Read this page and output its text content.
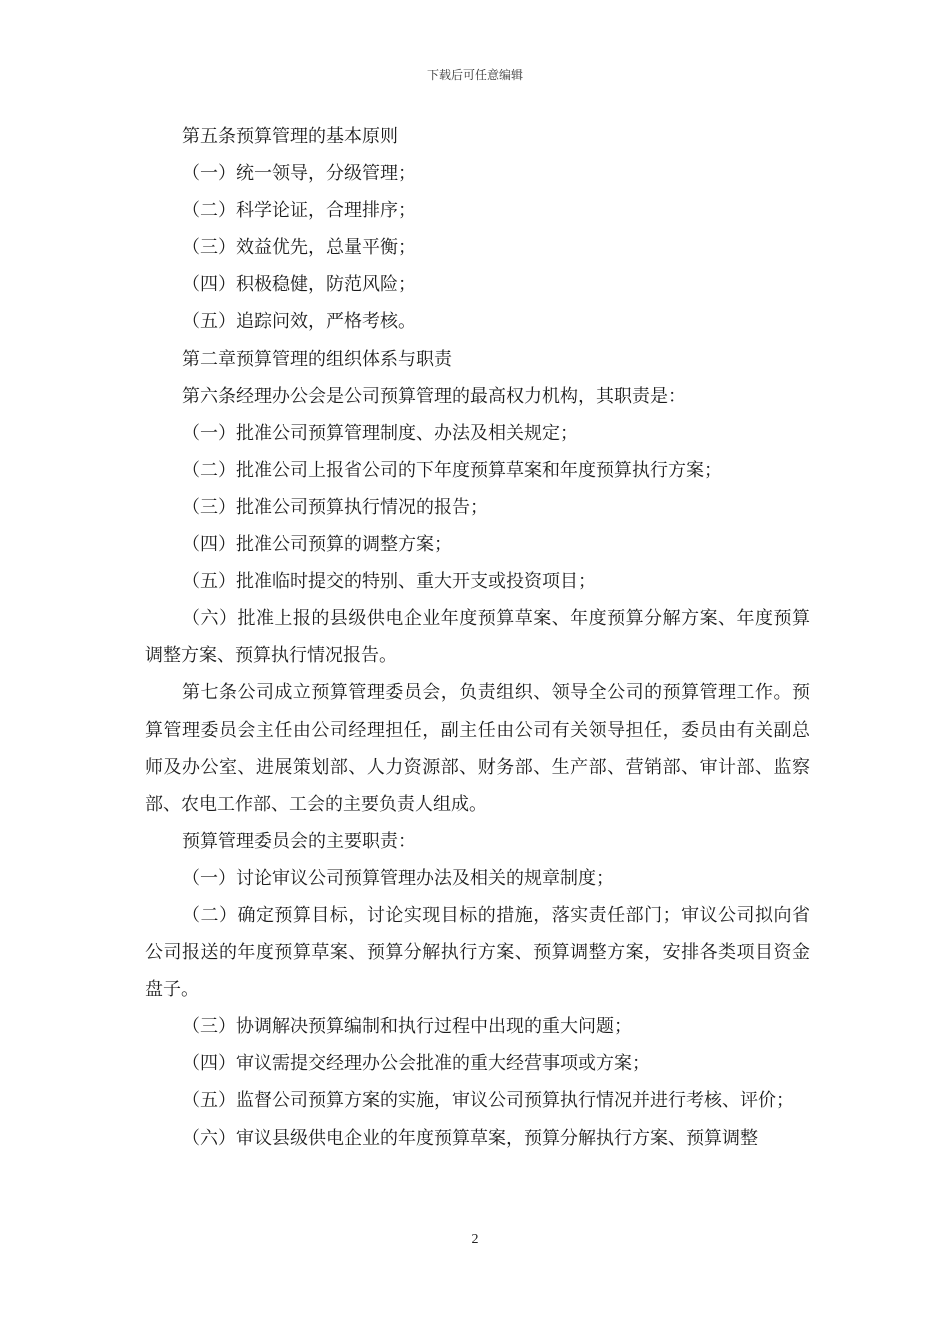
下载后可任意编辑

第五条预算管理的基本原则

（一）统一领导，分级管理；

（二）科学论证，合理排序；

（三）效益优先，总量平衡；

（四）积极稳健，防范风险；

（五）追踪问效，严格考核。

第二章预算管理的组织体系与职责

第六条经理办公会是公司预算管理的最高权力机构，其职责是：

（一）批准公司预算管理制度、办法及相关规定；

（二）批准公司上报省公司的下年度预算草案和年度预算执行方案；

（三）批准公司预算执行情况的报告；

（四）批准公司预算的调整方案；

（五）批准临时提交的特别、重大开支或投资项目；

（六）批准上报的县级供电企业年度预算草案、年度预算分解方案、年度预算调整方案、预算执行情况报告。

第七条公司成立预算管理委员会，负责组织、领导全公司的预算管理工作。预算管理委员会主任由公司经理担任，副主任由公司有关领导担任，委员由有关副总师及办公室、进展策划部、人力资源部、财务部、生产部、营销部、审计部、监察部、农电工作部、工会的主要负责人组成。

预算管理委员会的主要职责：

（一）讨论审议公司预算管理办法及相关的规章制度；

（二）确定预算目标，讨论实现目标的措施，落实责任部门；审议公司拟向省公司报送的年度预算草案、预算分解执行方案、预算调整方案，安排各类项目资金盘子。

（三）协调解决预算编制和执行过程中出现的重大问题；

（四）审议需提交经理办公会批准的重大经营事项或方案；

（五）监督公司预算方案的实施，审议公司预算执行情况并进行考核、评价；

（六）审议县级供电企业的年度预算草案，预算分解执行方案、预算调整

2
